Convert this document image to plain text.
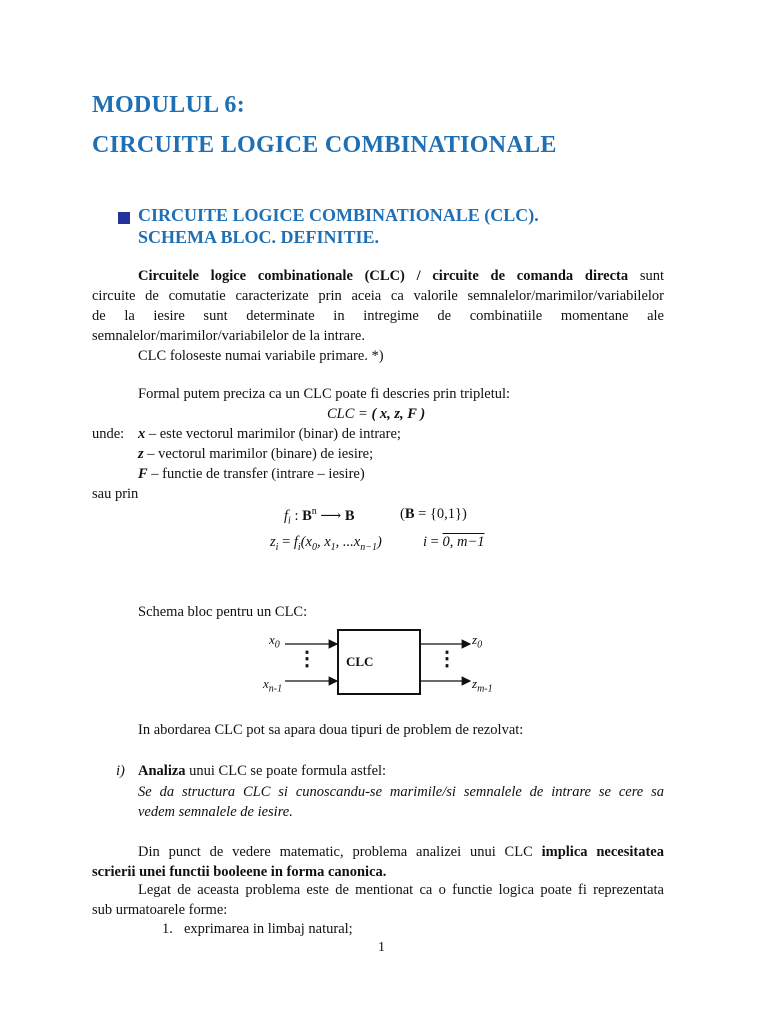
MODULUL 6:
CIRCUITE LOGICE COMBINATIONALE
CIRCUITE LOGICE COMBINATIONALE (CLC).
SCHEMA BLOC. DEFINITIE.
Circuitele logice combinationale (CLC) / circuite de comanda directa sunt
circuite de comutatie caracterizate prin aceia ca valorile semnalelor/marimilor/variabilelor
de la iesire sunt determinate in intregime de combinatiile momentane ale
semnalelor/marimilor/variabilelor de la intrare.
CLC foloseste numai variabile primare. *)
Formal putem preciza ca un CLC poate fi descries prin tripletul:
CLC = ( x, z, F )
unde: x – este vectorul marimilor (binar) de intrare;
z – vectorul marimilor (binare) de iesire;
F – functie de transfer (intrare – iesire)
sau prin
$f_i$ : $B^n$ ⟶ B	(B = {0,1})
$z_i = f_i(x_0$, $x_1$, $...x_{n-1}$)	i = 0, m−1
Schema bloc pentru un CLC:
CLC
$x_0$
$x_{n-1}$
$z_0$
$z_{m-1}$
⋮	⋮
In abordarea CLC pot sa apara doua tipuri de problem de rezolvat:
i) Analiza unui CLC se poate formula astfel:
Se da structura CLC si cunoscandu-se marimile/si semnalele de intrare se cere sa
vedem semnalele de iesire.
Din punct de vedere matematic, problema analizei unui CLC implica necesitatea
scrierii unei functii booleene in forma canonica.
Legat de aceasta problema este de mentionat ca o functie logica poate fi reprezentata
sub urmatoarele forme:
1. exprimarea in limbaj natural;
1
